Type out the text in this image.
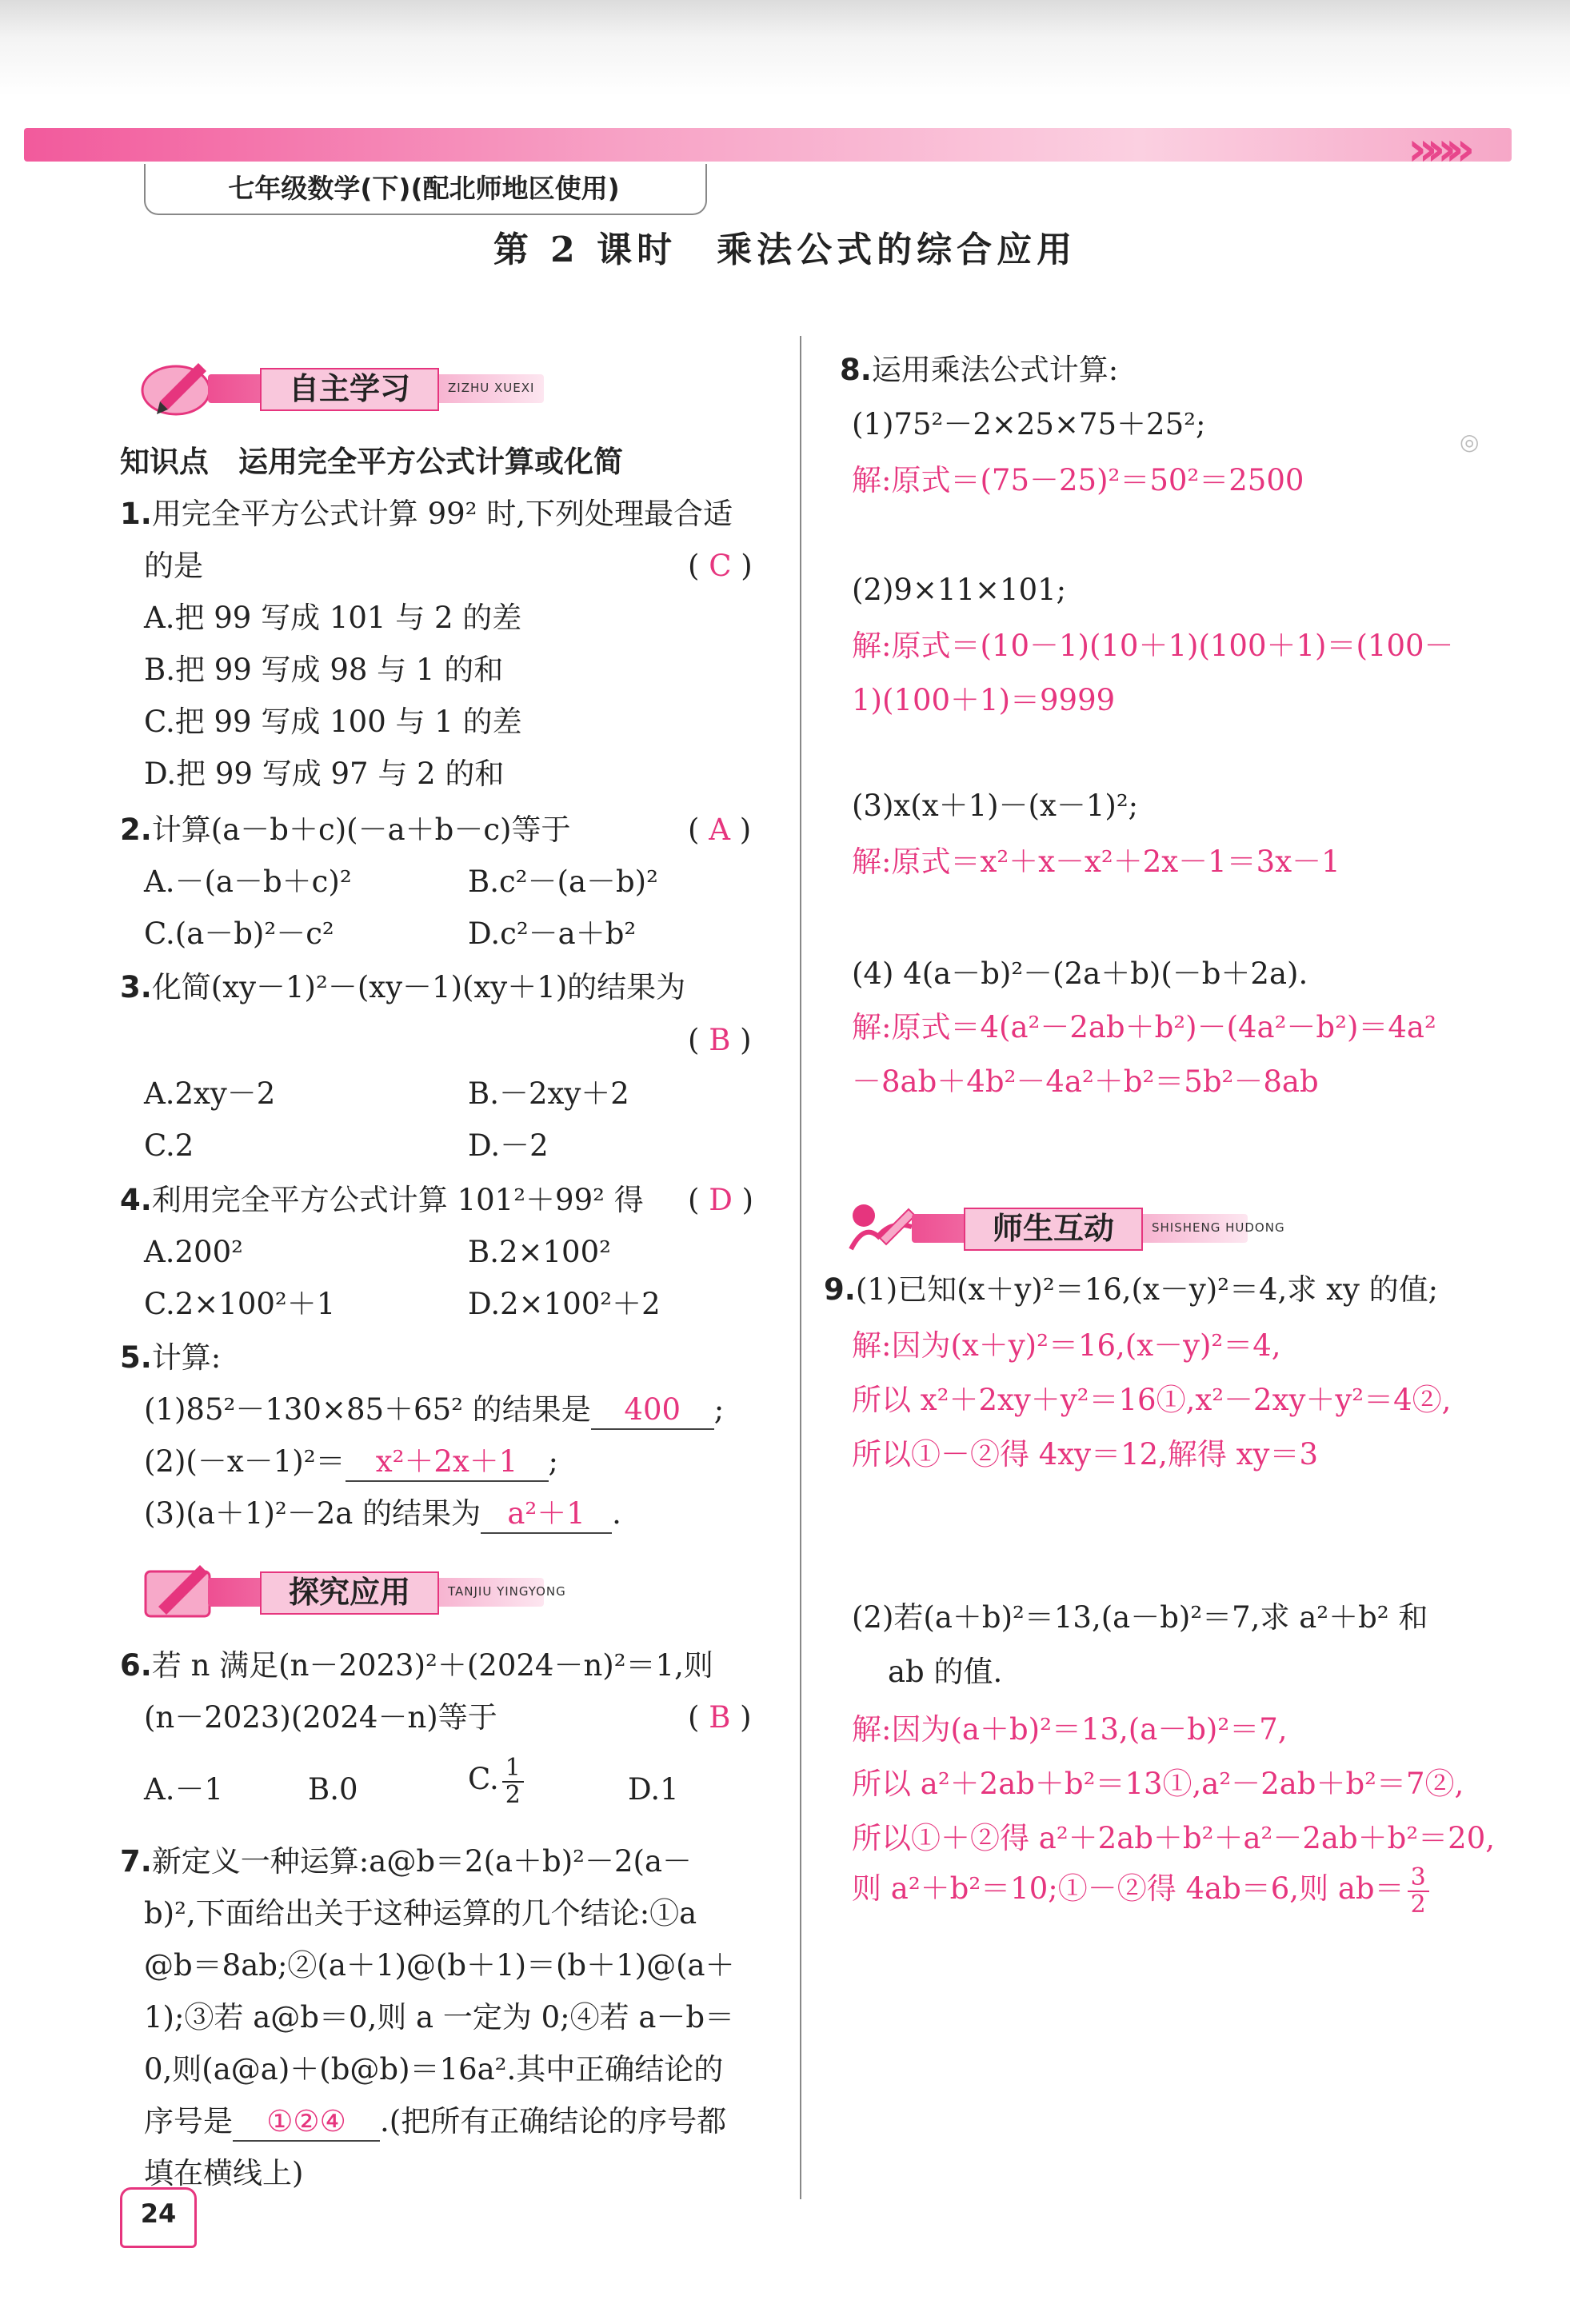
»»»
七年级数学(下)(配北师地区使用)
第 2 课时　乘法公式的综合应用
自主学习	ZIZHU XUEXI
知识点　运用完全平方公式计算或化简
1.用完全平方公式计算 99² 时,下列处理最合适
的是	( C )
A.把 99 写成 101 与 2 的差
B.把 99 写成 98 与 1 的和
C.把 99 写成 100 与 1 的差
D.把 99 写成 97 与 2 的和
2.计算(a－b＋c)(－a＋b－c)等于	( A )
A.－(a－b＋c)²	B.c²－(a－b)²
C.(a－b)²－c²	D.c²－a＋b²
3.化简(xy－1)²－(xy－1)(xy＋1)的结果为
( B )
A.2xy－2	B.－2xy＋2
C.2	D.－2
4.利用完全平方公式计算 101²＋99² 得 ( D )
A.200²	B.2×100²
C.2×100²＋1	D.2×100²＋2
5.计算:
(1)85²－130×85＋65² 的结果是 400 ;
(2)(－x－1)²＝ x²＋2x＋1 ;
(3)(a＋1)²－2a 的结果为 a²＋1 .
探究应用	TANJIU YINGYONG
6.若 n 满足(n－2023)²＋(2024－n)²＝1,则
(n－2023)(2024－n)等于	( B )
A.－1	B.0	C. $\frac{1}{2}$	D.1
7.新定义一种运算:a@b＝2(a＋b)²－2(a－
b)²,下面给出关于这种运算的几个结论:①a
@b＝8ab;②(a＋1)@(b＋1)＝(b＋1)@(a＋
1);③若 a@b＝0,则 a 一定为 0;④若 a－b＝
0,则(a@a)＋(b@b)＝16a².其中正确结论的
序号是 ①②④ .(把所有正确结论的序号都
填在横线上)
24
8.运用乘法公式计算:
(1)75²－2×25×75＋25²;
解:原式＝(75－25)²＝50²＝2500
◎
(2)9×11×101;
解:原式＝(10－1)(10＋1)(100＋1)＝(100－
1)(100＋1)＝9999
(3)x(x＋1)－(x－1)²;
解:原式＝x²＋x－x²＋2x－1＝3x－1
(4) 4(a－b)²－(2a＋b)(－b＋2a).
解:原式＝4(a²－2ab＋b²)－(4a²－b²)＝4a²
－8ab＋4b²－4a²＋b²＝5b²－8ab
师生互动	SHISHENG HUDONG
9.(1)已知(x＋y)²＝16,(x－y)²＝4,求 xy 的值;
解:因为(x＋y)²＝16,(x－y)²＝4,
所以 x²＋2xy＋y²＝16①,x²－2xy＋y²＝4②,
所以①－②得 4xy＝12,解得 xy＝3
(2)若(a＋b)²＝13,(a－b)²＝7,求 a²＋b² 和
ab 的值.
解:因为(a＋b)²＝13,(a－b)²＝7,
所以 a²＋2ab＋b²＝13①,a²－2ab＋b²＝7②,
所以①＋②得 a²＋2ab＋b²＋a²－2ab＋b²＝20,
则 a²＋b²＝10;①－②得 4ab＝6,则 $ab= \frac{3}{2}$
